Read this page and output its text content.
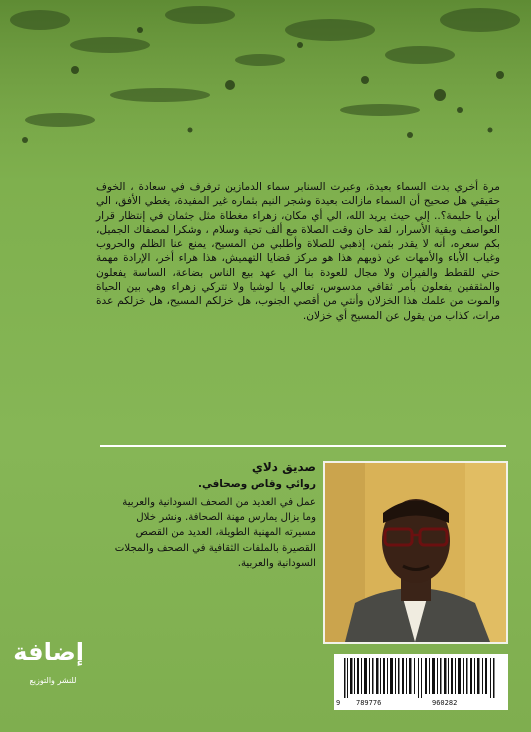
مرة أخري بدت السماء بعيدة، وعبرت السنابر سماء الدمازين ترفرف في سعادة ، الخوف حقيقي هل صحيح أن السماء مازالت بعيدة وشجر النيم بثماره غير المفيدة، يغطي الأفق، الي أين يا حليمة؟.. إلي حيث يريد الله، الي أي مكان، زهراء مغطاة مثل جثمان في إنتظار قرار العواصف وبقية الأسرار، لقد حان وقت الصلاة مع ألف تحية وسلام ، وشكرا لمصفاك الجميل، بكم سعره، أنه لا يقدر بثمن، إذهبي للصلاة وأطلبي من المسيح، يمنع عنا الظلم والحروب وغياب الأباء والأمهات عن ذويهم هذا هو مركز قضايا التهميش، هذا هراء أخر، الإرادة مهمة حتي للقطط والفيران ولا مجال للعودة بنا الي عهد بيع الناس بضاعة، الساسة يفعلون والمثقفين يفعلون بأمر ثقافي مدسوس، تعالي يا لوشيا ولا تتركي زهراء وهي بين الحياة والموت من علمك هذا الخزلان وأنتي من أقصي الجنوب، هل خزلكم المسيح، هل خزلكم عدة مرات، كذاب من يقول عن المسيح أي خزلان.

صديق دلاي

روائي وقاص وصحافي.

عمل في العديد من الصحف السودانية والعربية وما يزال يمارس مهنة الصحافة. ونشر خلال مسيرته المهنية الطويلة، العديد من القصص القصيرة بالملفات الثقافية في الصحف والمجلات السودانية والعربية.

إضافة
للنشر والتوزيع
9 789776	960282
